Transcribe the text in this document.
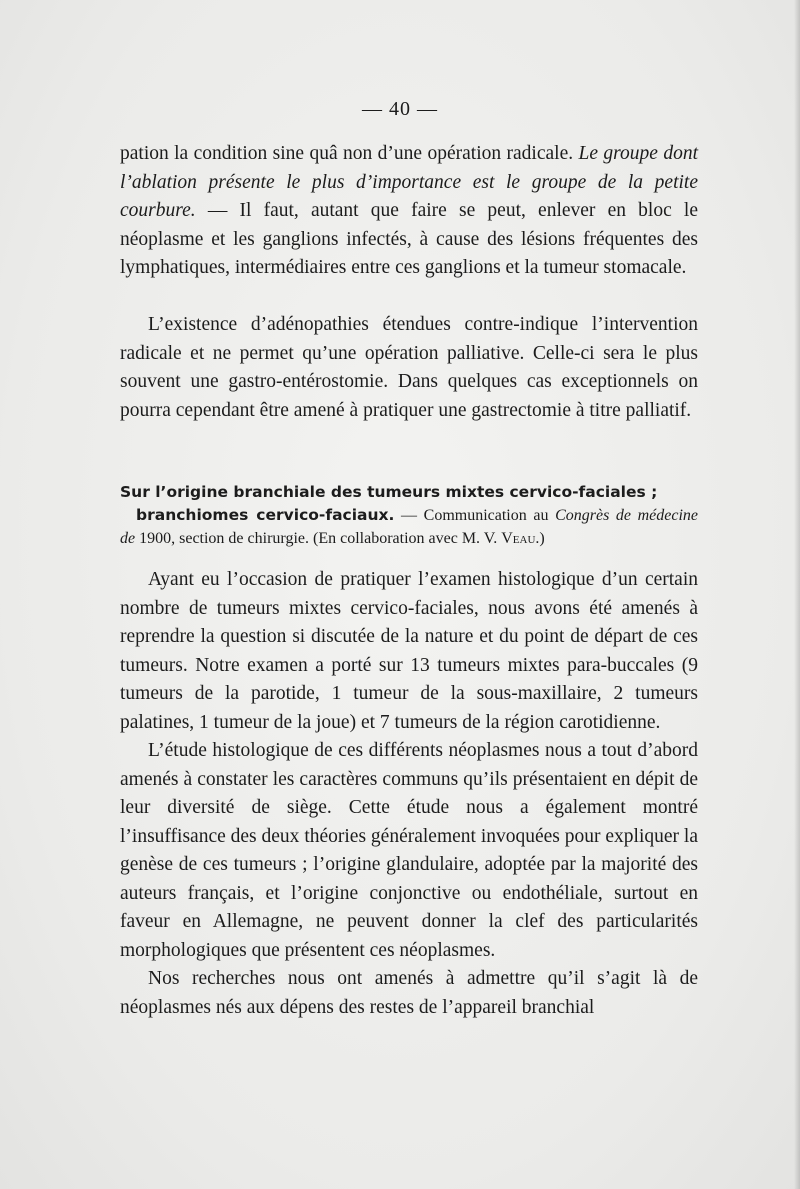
— 40 —

pation la condition sine quâ non d’une opération radicale. Le groupe dont l’ablation présente le plus d’importance est le groupe de la petite courbure. — Il faut, autant que faire se peut, enlever en bloc le néoplasme et les ganglions infectés, à cause des lésions fréquentes des lymphatiques, intermédiaires entre ces ganglions et la tumeur stomacale.

L’existence d’adénopathies étendues contre-indique l’intervention radicale et ne permet qu’une opération palliative. Celle-ci sera le plus souvent une gastro-entérostomie. Dans quelques cas exceptionnels on pourra cependant être amené à pratiquer une gastrectomie à titre palliatif.

Sur l’origine branchiale des tumeurs mixtes cervico-faciales ;
branchiomes cervico-faciaux. — Communication au Congrès de médecine de 1900, section de chirurgie. (En collaboration avec M. V. Veau.)

Ayant eu l’occasion de pratiquer l’examen histologique d’un certain nombre de tumeurs mixtes cervico-faciales, nous avons été amenés à reprendre la question si discutée de la nature et du point de départ de ces tumeurs. Notre examen a porté sur 13 tumeurs mixtes para-buccales (9 tumeurs de la parotide, 1 tumeur de la sous-maxillaire, 2 tumeurs palatines, 1 tumeur de la joue) et 7 tumeurs de la région carotidienne.

L’étude histologique de ces différents néoplasmes nous a tout d’abord amenés à constater les caractères communs qu’ils présentaient en dépit de leur diversité de siège. Cette étude nous a également montré l’insuffisance des deux théories généralement invoquées pour expliquer la genèse de ces tumeurs ; l’origine glandulaire, adoptée par la majorité des auteurs français, et l’origine conjonctive ou endothéliale, surtout en faveur en Allemagne, ne peuvent donner la clef des particularités morphologiques que présentent ces néoplasmes.

Nos recherches nous ont amenés à admettre qu’il s’agit là de néoplasmes nés aux dépens des restes de l’appareil branchial
